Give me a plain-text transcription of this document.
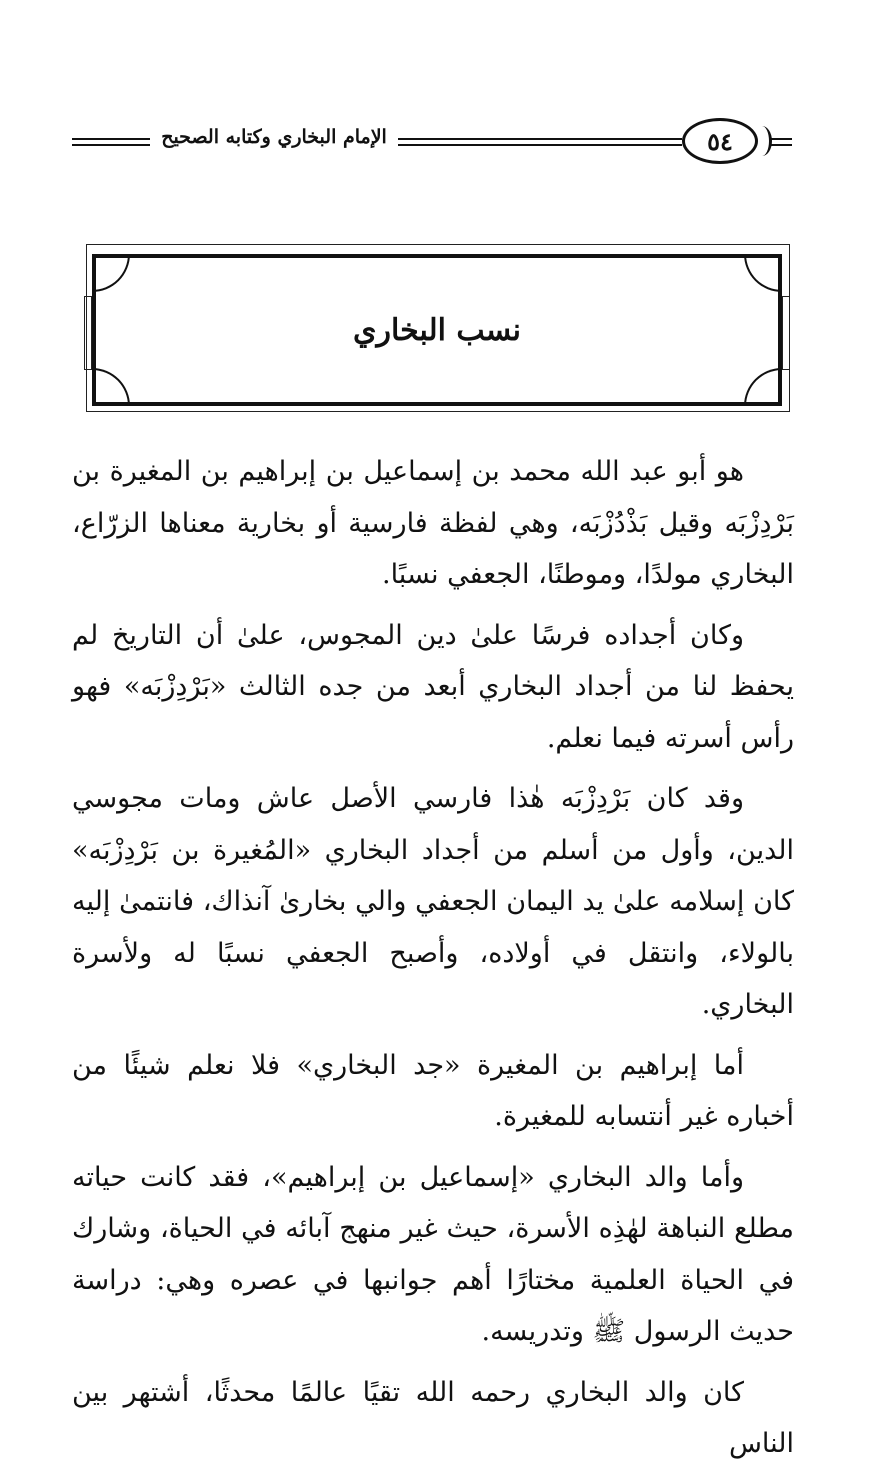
الإمام البخاري وكتابه الصحيح	٥٤
نسب البخاري

هو أبو عبد الله محمد بن إسماعيل بن إبراهيم بن المغيرة بن بَرْدِزْبَه وقيل بَذْدُزْبَه، وهي لفظة فارسية أو بخارية معناها الزرّاع، البخاري مولدًا، وموطنًا، الجعفي نسبًا.

وكان أجداده فرسًا علىٰ دين المجوس، علىٰ أن التاريخ لم يحفظ لنا من أجداد البخاري أبعد من جده الثالث «بَرْدِزْبَه» فهو رأس أسرته فيما نعلم.

وقد كان بَرْدِزْبَه هٰذا فارسي الأصل عاش ومات مجوسي الدين، وأول من أسلم من أجداد البخاري «المُغيرة بن بَرْدِزْبَه» كان إسلامه علىٰ يد اليمان الجعفي والي بخارىٰ آنذاك، فانتمىٰ إليه بالولاء، وانتقل في أولاده، وأصبح الجعفي نسبًا له ولأسرة البخاري.

أما إبراهيم بن المغيرة «جد البخاري» فلا نعلم شيئًا من أخباره غير أنتسابه للمغيرة.

وأما والد البخاري «إسماعيل بن إبراهيم»، فقد كانت حياته مطلع النباهة لهٰذِه الأسرة، حيث غير منهج آبائه في الحياة، وشارك في الحياة العلمية مختارًا أهم جوانبها في عصره وهي: دراسة حديث الرسول ﷺ وتدريسه.

كان والد البخاري رحمه الله تقيًا عالمًا محدثًا، أشتهر بين الناس
